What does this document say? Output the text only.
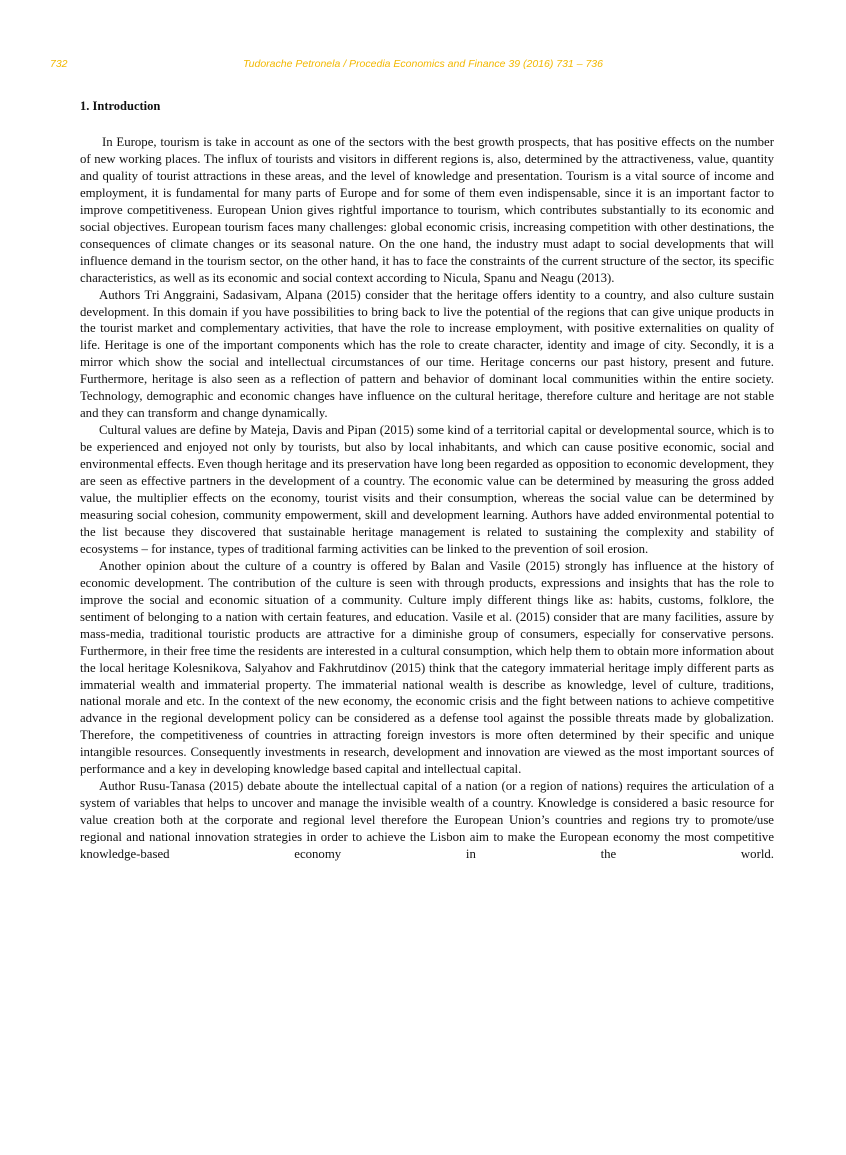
732	Tudorache Petronela / Procedia Economics and Finance 39 (2016) 731 – 736
1. Introduction

In Europe, tourism is take in account as one of the sectors with the best growth prospects, that has positive effects on the number of new working places. The influx of tourists and visitors in different regions is, also, determined by the attractiveness, value, quantity and quality of tourist attractions in these areas, and the level of knowledge and presentation. Tourism is a vital source of income and employment, it is fundamental for many parts of Europe and for some of them even indispensable, since it is an important factor to improve competitiveness. European Union gives rightful importance to tourism, which contributes substantially to its economic and social objectives. European tourism faces many challenges: global economic crisis, increasing competition with other destinations, the consequences of climate changes or its seasonal nature. On the one hand, the industry must adapt to social developments that will influence demand in the tourism sector, on the other hand, it has to face the constraints of the current structure of the sector, its specific characteristics, as well as its economic and social context according to Nicula, Spanu and Neagu (2013).

Authors Tri Anggraini, Sadasivam, Alpana (2015) consider that the heritage offers identity to a country, and also culture sustain development. In this domain if you have possibilities to bring back to live the potential of the regions that can give unique products in the tourist market and complementary activities, that have the role to increase employment, with positive externalities on quality of life. Heritage is one of the important components which has the role to create character, identity and image of city. Secondly, it is a mirror which show the social and intellectual circumstances of our time. Heritage concerns our past history, present and future. Furthermore, heritage is also seen as a reflection of pattern and behavior of dominant local communities within the entire society. Technology, demographic and economic changes have influence on the cultural heritage, therefore culture and heritage are not stable and they can transform and change dynamically.

Cultural values are define by Mateja, Davis and Pipan (2015) some kind of a territorial capital or developmental source, which is to be experienced and enjoyed not only by tourists, but also by local inhabitants, and which can cause positive economic, social and environmental effects. Even though heritage and its preservation have long been regarded as opposition to economic development, they are seen as effective partners in the development of a country. The economic value can be determined by measuring the gross added value, the multiplier effects on the economy, tourist visits and their consumption, whereas the social value can be determined by measuring social cohesion, community empowerment, skill and development learning. Authors have added environmental potential to the list because they discovered that sustainable heritage management is related to sustaining the complexity and stability of ecosystems – for instance, types of traditional farming activities can be linked to the prevention of soil erosion.

Another opinion about the culture of a country is offered by Balan and Vasile (2015) strongly has influence at the history of economic development. The contribution of the culture is seen with through products, expressions and insights that has the role to improve the social and economic situation of a community. Culture imply different things like as: habits, customs, folklore, the sentiment of belonging to a nation with certain features, and education. Vasile et al. (2015) consider that are many facilities, assure by mass-media, traditional touristic products are attractive for a diminishe group of consumers, especially for conservative persons. Furthermore, in their free time the residents are interested in a cultural consumption, which help them to obtain more information about the local heritage Kolesnikova, Salyahov and Fakhrutdinov (2015) think that the category immaterial heritage imply different parts as immaterial wealth and immaterial property. The immaterial national wealth is describe as knowledge, level of culture, traditions, national morale and etc. In the context of the new economy, the economic crisis and the fight between nations to achieve competitive advance in the regional development policy can be considered as a defense tool against the possible threats made by globalization. Therefore, the competitiveness of countries in attracting foreign investors is more often determined by their specific and unique intangible resources. Consequently investments in research, development and innovation are viewed as the most important sources of performance and a key in developing knowledge based capital and intellectual capital.

Author Rusu-Tanasa (2015) debate aboute the intellectual capital of a nation (or a region of nations) requires the articulation of a system of variables that helps to uncover and manage the invisible wealth of a country. Knowledge is considered a basic resource for value creation both at the corporate and regional level therefore the European Union’s countries and regions try to promote/use regional and national innovation strategies in order to achieve the Lisbon aim to make the European economy the most competitive knowledge-based economy in the world.
